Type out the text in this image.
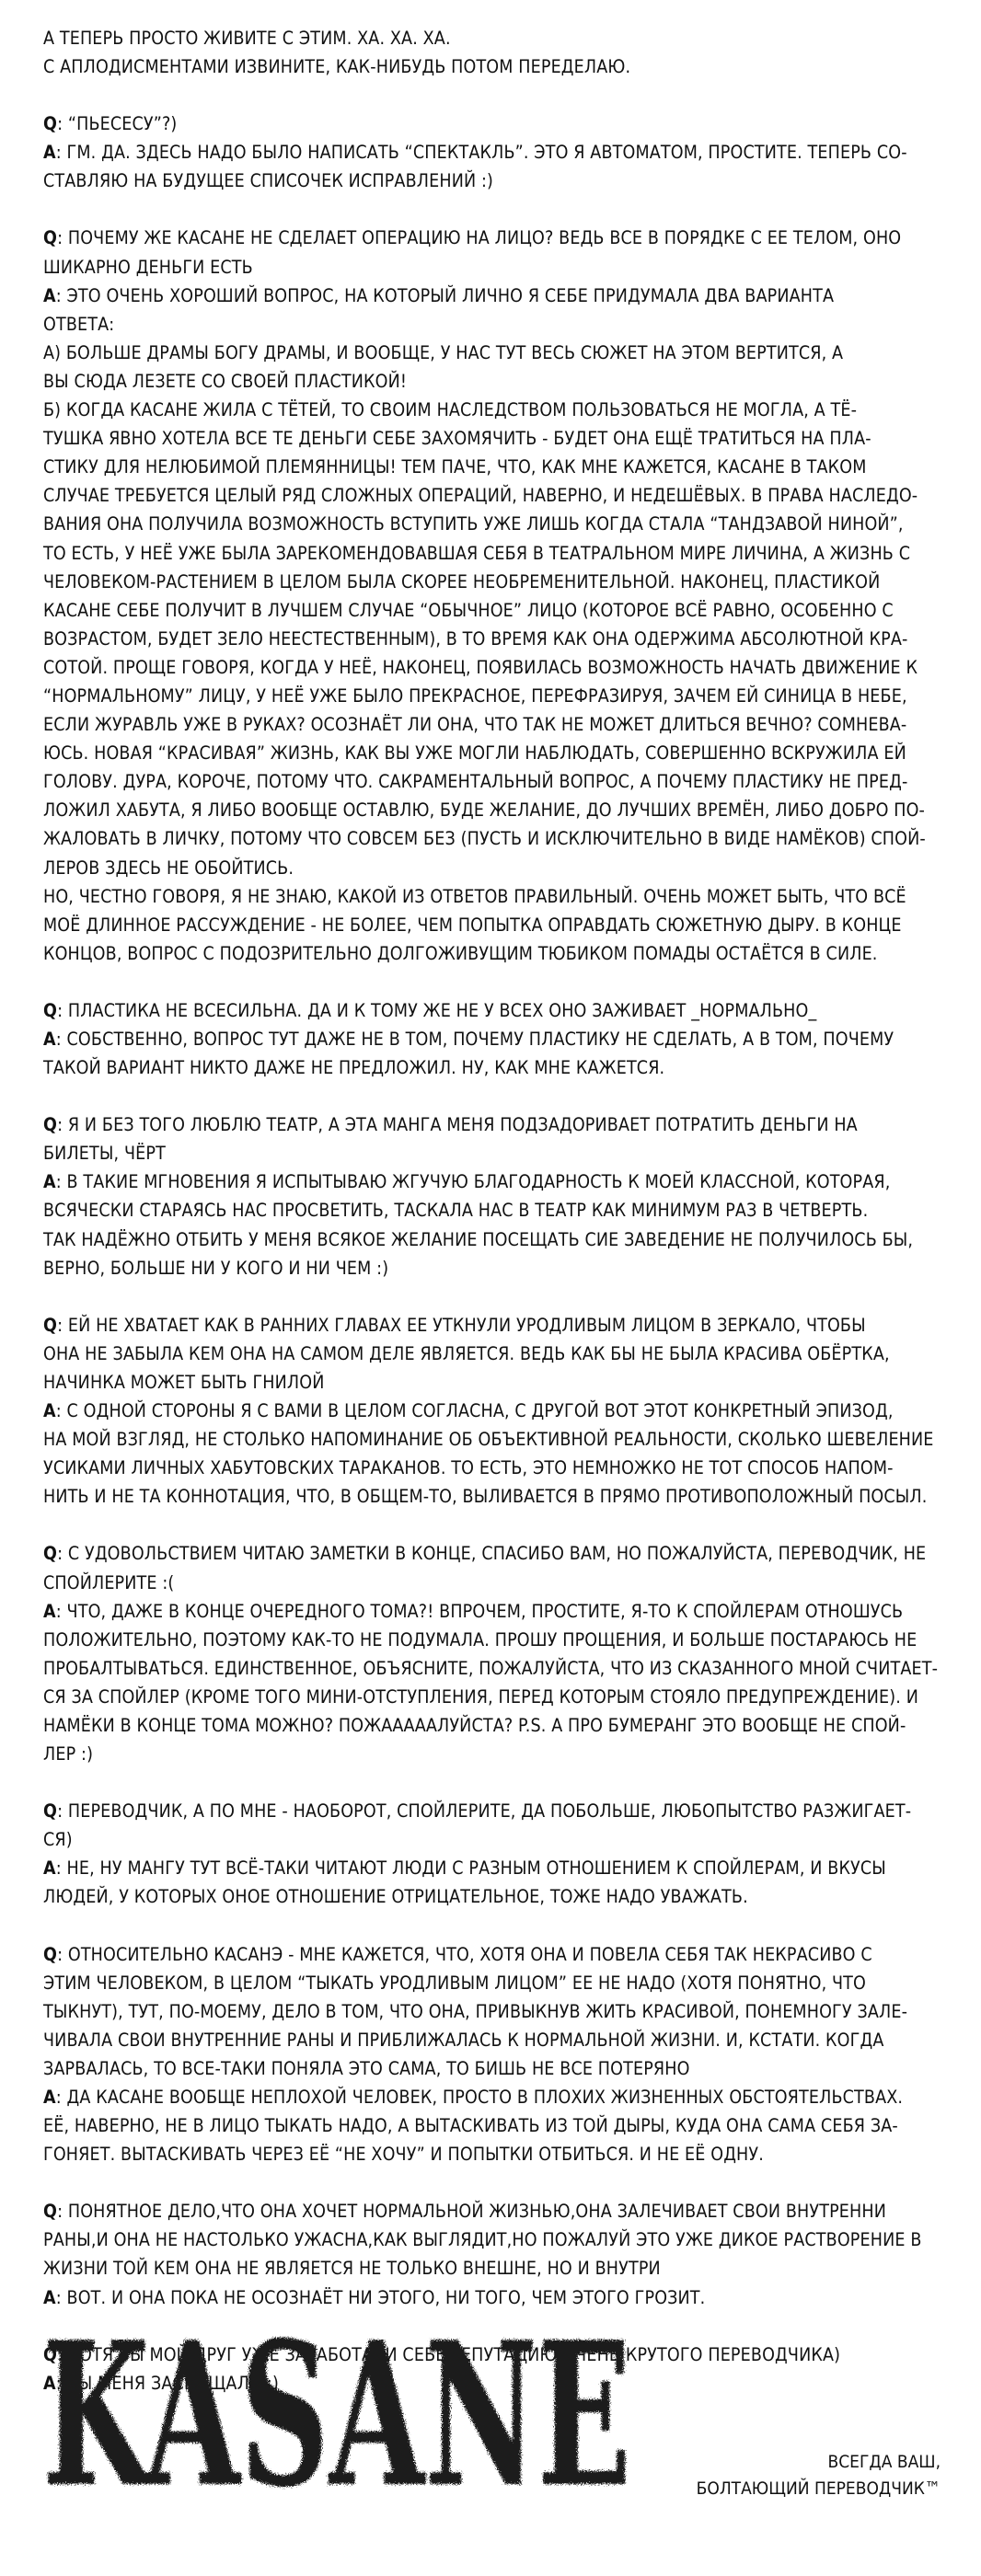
А ТЕПЕРЬ ПРОСТО ЖИВИТЕ С ЭТИМ. ХА. ХА. ХА.

С АПЛОДИСМЕНТАМИ ИЗВИНИТЕ, КАК-НИБУДЬ ПОТОМ ПЕРЕДЕЛАЮ.

Q: “ПЬЕСЕСУ”?)

A: ГМ. ДА. ЗДЕСЬ НАДО БЫЛО НАПИСАТЬ “СПЕКТАКЛЬ”. ЭТО Я АВТОМАТОМ, ПРОСТИТЕ. ТЕПЕРЬ СО-
СТАВЛЯЮ НА БУДУЩЕЕ СПИСОЧЕК ИСПРАВЛЕНИЙ :)

Q: ПОЧЕМУ ЖЕ КАСАНЕ НЕ СДЕЛАЕТ ОПЕРАЦИЮ НА ЛИЦО? ВЕДЬ ВСЕ В ПОРЯДКЕ С ЕЕ ТЕЛОМ, ОНО
ШИКАРНО ДЕНЬГИ ЕСТЬ

A: ЭТО ОЧЕНЬ ХОРОШИЙ ВОПРОС, НА КОТОРЫЙ ЛИЧНО Я СЕБЕ ПРИДУМАЛА ДВА ВАРИАНТА
ОТВЕТА:
А) БОЛЬШЕ ДРАМЫ БОГУ ДРАМЫ, И ВООБЩЕ, У НАС ТУТ ВЕСЬ СЮЖЕТ НА ЭТОМ ВЕРТИТСЯ, А
ВЫ СЮДА ЛЕЗЕТЕ СО СВОЕЙ ПЛАСТИКОЙ!
Б) КОГДА КАСАНЕ ЖИЛА С ТЁТЕЙ, ТО СВОИМ НАСЛЕДСТВОМ ПОЛЬЗОВАТЬСЯ НЕ МОГЛА, А ТЁ-
ТУШКА ЯВНО ХОТЕЛА ВСЕ ТЕ ДЕНЬГИ СЕБЕ ЗАХОМЯЧИТЬ - БУДЕТ ОНА ЕЩЁ ТРАТИТЬСЯ НА ПЛА-
СТИКУ ДЛЯ НЕЛЮБИМОЙ ПЛЕМЯННИЦЫ! ТЕМ ПАЧЕ, ЧТО, КАК МНЕ КАЖЕТСЯ, КАСАНЕ В ТАКОМ
СЛУЧАЕ ТРЕБУЕТСЯ ЦЕЛЫЙ РЯД СЛОЖНЫХ ОПЕРАЦИЙ, НАВЕРНО, И НЕДЕШЁВЫХ. В ПРАВА НАСЛЕДО-
ВАНИЯ ОНА ПОЛУЧИЛА ВОЗМОЖНОСТЬ ВСТУПИТЬ УЖЕ ЛИШЬ КОГДА СТАЛА “ТАНДЗАВОЙ НИНОЙ”,
ТО ЕСТЬ, У НЕЁ УЖЕ БЫЛА ЗАРЕКОМЕНДОВАВШАЯ СЕБЯ В ТЕАТРАЛЬНОМ МИРЕ ЛИЧИНА, А ЖИЗНЬ С
ЧЕЛОВЕКОМ-РАСТЕНИЕМ В ЦЕЛОМ БЫЛА СКОРЕЕ НЕОБРЕМЕНИТЕЛЬНОЙ. НАКОНЕЦ, ПЛАСТИКОЙ
КАСАНЕ СЕБЕ ПОЛУЧИТ В ЛУЧШЕМ СЛУЧАЕ “ОБЫЧНОЕ” ЛИЦО (КОТОРОЕ ВСЁ РАВНО, ОСОБЕННО С
ВОЗРАСТОМ, БУДЕТ ЗЕЛО НЕЕСТЕСТВЕННЫМ), В ТО ВРЕМЯ КАК ОНА ОДЕРЖИМА АБСОЛЮТНОЙ КРА-
СОТОЙ. ПРОЩЕ ГОВОРЯ, КОГДА У НЕЁ, НАКОНЕЦ, ПОЯВИЛАСЬ ВОЗМОЖНОСТЬ НАЧАТЬ ДВИЖЕНИЕ К
“НОРМАЛЬНОМУ” ЛИЦУ, У НЕЁ УЖЕ БЫЛО ПРЕКРАСНОЕ, ПЕРЕФРАЗИРУЯ, ЗАЧЕМ ЕЙ СИНИЦА В НЕБЕ,
ЕСЛИ ЖУРАВЛЬ УЖЕ В РУКАХ? ОСОЗНАЁТ ЛИ ОНА, ЧТО ТАК НЕ МОЖЕТ ДЛИТЬСЯ ВЕЧНО? СОМНЕВА-
ЮСЬ. НОВАЯ “КРАСИВАЯ” ЖИЗНЬ, КАК ВЫ УЖЕ МОГЛИ НАБЛЮДАТЬ, СОВЕРШЕННО ВСКРУЖИЛА ЕЙ
ГОЛОВУ. ДУРА, КОРОЧЕ, ПОТОМУ ЧТО. САКРАМЕНТАЛЬНЫЙ ВОПРОС, А ПОЧЕМУ ПЛАСТИКУ НЕ ПРЕД-
ЛОЖИЛ ХАБУТА, Я ЛИБО ВООБЩЕ ОСТАВЛЮ, БУДЕ ЖЕЛАНИЕ, ДО ЛУЧШИХ ВРЕМЁН, ЛИБО ДОБРО ПО-
ЖАЛОВАТЬ В ЛИЧКУ, ПОТОМУ ЧТО СОВСЕМ БЕЗ (ПУСТЬ И ИСКЛЮЧИТЕЛЬНО В ВИДЕ НАМЁКОВ) СПОЙ-
ЛЕРОВ ЗДЕСЬ НЕ ОБОЙТИСЬ.
НО, ЧЕСТНО ГОВОРЯ, Я НЕ ЗНАЮ, КАКОЙ ИЗ ОТВЕТОВ ПРАВИЛЬНЫЙ. ОЧЕНЬ МОЖЕТ БЫТЬ, ЧТО ВСЁ
МОЁ ДЛИННОЕ РАССУЖДЕНИЕ - НЕ БОЛЕЕ, ЧЕМ ПОПЫТКА ОПРАВДАТЬ СЮЖЕТНУЮ ДЫРУ. В КОНЦЕ
КОНЦОВ, ВОПРОС С ПОДОЗРИТЕЛЬНО ДОЛГОЖИВУЩИМ ТЮБИКОМ ПОМАДЫ ОСТАЁТСЯ В СИЛЕ.

Q: ПЛАСТИКА НЕ ВСЕСИЛЬНА. ДА И К ТОМУ ЖЕ НЕ У ВСЕХ ОНО ЗАЖИВАЕТ _НОРМАЛЬНО_

A: СОБСТВЕННО, ВОПРОС ТУТ ДАЖЕ НЕ В ТОМ, ПОЧЕМУ ПЛАСТИКУ НЕ СДЕЛАТЬ, А В ТОМ, ПОЧЕМУ
ТАКОЙ ВАРИАНТ НИКТО ДАЖЕ НЕ ПРЕДЛОЖИЛ. НУ, КАК МНЕ КАЖЕТСЯ.

Q: Я И БЕЗ ТОГО ЛЮБЛЮ ТЕАТР, А ЭТА МАНГА МЕНЯ ПОДЗАДОРИВАЕТ ПОТРАТИТЬ ДЕНЬГИ НА
БИЛЕТЫ, ЧЁРТ

A: В ТАКИЕ МГНОВЕНИЯ Я ИСПЫТЫВАЮ ЖГУЧУЮ БЛАГОДАРНОСТЬ К МОЕЙ КЛАССНОЙ, КОТОРАЯ,
ВСЯЧЕСКИ СТАРАЯСЬ НАС ПРОСВЕТИТЬ, ТАСКАЛА НАС В ТЕАТР КАК МИНИМУМ РАЗ В ЧЕТВЕРТЬ.
ТАК НАДЁЖНО ОТБИТЬ У МЕНЯ ВСЯКОЕ ЖЕЛАНИЕ ПОСЕЩАТЬ СИЕ ЗАВЕДЕНИЕ НЕ ПОЛУЧИЛОСЬ БЫ,
ВЕРНО, БОЛЬШЕ НИ У КОГО И НИ ЧЕМ :)

Q: ЕЙ НЕ ХВАТАЕТ КАК В РАННИХ ГЛАВАХ ЕЕ УТКНУЛИ УРОДЛИВЫМ ЛИЦОМ В ЗЕРКАЛО, ЧТОБЫ
ОНА НЕ ЗАБЫЛА КЕМ ОНА НА САМОМ ДЕЛЕ ЯВЛЯЕТСЯ. ВЕДЬ КАК БЫ НЕ БЫЛА КРАСИВА ОБЁРТКА,
НАЧИНКА МОЖЕТ БЫТЬ ГНИЛОЙ

A: С ОДНОЙ СТОРОНЫ Я С ВАМИ В ЦЕЛОМ СОГЛАСНА, С ДРУГОЙ ВОТ ЭТОТ КОНКРЕТНЫЙ ЭПИЗОД,
НА МОЙ ВЗГЛЯД, НЕ СТОЛЬКО НАПОМИНАНИЕ ОБ ОБЪЕКТИВНОЙ РЕАЛЬНОСТИ, СКОЛЬКО ШЕВЕЛЕНИЕ
УСИКАМИ ЛИЧНЫХ ХАБУТОВСКИХ ТАРАКАНОВ. ТО ЕСТЬ, ЭТО НЕМНОЖКО НЕ ТОТ СПОСОБ НАПОМ-
НИТЬ И НЕ ТА КОННОТАЦИЯ, ЧТО, В ОБЩЕМ-ТО, ВЫЛИВАЕТСЯ В ПРЯМО ПРОТИВОПОЛОЖНЫЙ ПОСЫЛ.

Q: С УДОВОЛЬСТВИЕМ ЧИТАЮ ЗАМЕТКИ В КОНЦЕ, СПАСИБО ВАМ, НО ПОЖАЛУЙСТА, ПЕРЕВОДЧИК, НЕ
СПОЙЛЕРИТЕ :(

A: ЧТО, ДАЖЕ В КОНЦЕ ОЧЕРЕДНОГО ТОМА?! ВПРОЧЕМ, ПРОСТИТЕ, Я-ТО К СПОЙЛЕРАМ ОТНОШУСЬ
ПОЛОЖИТЕЛЬНО, ПОЭТОМУ КАК-ТО НЕ ПОДУМАЛА. ПРОШУ ПРОЩЕНИЯ, И БОЛЬШЕ ПОСТАРАЮСЬ НЕ
ПРОБАЛТЫВАТЬСЯ. ЕДИНСТВЕННОЕ, ОБЪЯСНИТЕ, ПОЖАЛУЙСТА, ЧТО ИЗ СКАЗАННОГО МНОЙ СЧИТАЕТ-
СЯ ЗА СПОЙЛЕР (КРОМЕ ТОГО МИНИ-ОТСТУПЛЕНИЯ, ПЕРЕД КОТОРЫМ СТОЯЛО ПРЕДУПРЕЖДЕНИЕ). И
НАМЁКИ В КОНЦЕ ТОМА МОЖНО? ПОЖАААААЛУЙСТА? P.S. А ПРО БУМЕРАНГ ЭТО ВООБЩЕ НЕ СПОЙ-
ЛЕР :)

Q: ПЕРЕВОДЧИК, А ПО МНЕ - НАОБОРОТ, СПОЙЛЕРИТЕ, ДА ПОБОЛЬШЕ, ЛЮБОПЫТСТВО РАЗЖИГАЕТ-
СЯ)

A: НЕ, НУ МАНГУ ТУТ ВСЁ-ТАКИ ЧИТАЮТ ЛЮДИ С РАЗНЫМ ОТНОШЕНИЕМ К СПОЙЛЕРАМ, И ВКУСЫ
ЛЮДЕЙ, У КОТОРЫХ ОНОЕ ОТНОШЕНИЕ ОТРИЦАТЕЛЬНОЕ, ТОЖЕ НАДО УВАЖАТЬ.

Q: ОТНОСИТЕЛЬНО КАСАНЭ - МНЕ КАЖЕТСЯ, ЧТО, ХОТЯ ОНА И ПОВЕЛА СЕБЯ ТАК НЕКРАСИВО С
ЭТИМ ЧЕЛОВЕКОМ, В ЦЕЛОМ “ТЫКАТЬ УРОДЛИВЫМ ЛИЦОМ” ЕЕ НЕ НАДО (ХОТЯ ПОНЯТНО, ЧТО
ТЫКНУТ), ТУТ, ПО-МОЕМУ, ДЕЛО В ТОМ, ЧТО ОНА, ПРИВЫКНУВ ЖИТЬ КРАСИВОЙ, ПОНЕМНОГУ ЗАЛЕ-
ЧИВАЛА СВОИ ВНУТРЕННИЕ РАНЫ И ПРИБЛИЖАЛАСЬ К НОРМАЛЬНОЙ ЖИЗНИ. И, КСТАТИ. КОГДА
ЗАРВАЛАСЬ, ТО ВСЕ-ТАКИ ПОНЯЛА ЭТО САМА, ТО БИШЬ НЕ ВСЕ ПОТЕРЯНО

A: ДА КАСАНЕ ВООБЩЕ НЕПЛОХОЙ ЧЕЛОВЕК, ПРОСТО В ПЛОХИХ ЖИЗНЕННЫХ ОБСТОЯТЕЛЬСТВАХ.
ЕЁ, НАВЕРНО, НЕ В ЛИЦО ТЫКАТЬ НАДО, А ВЫТАСКИВАТЬ ИЗ ТОЙ ДЫРЫ, КУДА ОНА САМА СЕБЯ ЗА-
ГОНЯЕТ. ВЫТАСКИВАТЬ ЧЕРЕЗ ЕЁ “НЕ ХОЧУ” И ПОПЫТКИ ОТБИТЬСЯ. И НЕ ЕЁ ОДНУ.

Q: ПОНЯТНОЕ ДЕЛО,ЧТО ОНА ХОЧЕТ НОРМАЛЬНОЙ ЖИЗНЬЮ,ОНА ЗАЛЕЧИВАЕТ СВОИ ВНУТРЕННИ
РАНЫ,И ОНА НЕ НАСТОЛЬКО УЖАСНА,КАК ВЫГЛЯДИТ,НО ПОЖАЛУЙ ЭТО УЖЕ ДИКОЕ РАСТВОРЕНИЕ В
ЖИЗНИ ТОЙ КЕМ ОНА НЕ ЯВЛЯЕТСЯ НЕ ТОЛЬКО ВНЕШНЕ, НО И ВНУТРИ

A: ВОТ. И ОНА ПОКА НЕ ОСОЗНАЁТ НИ ЭТОГО, НИ ТОГО, ЧЕМ ЭТОГО ГРОЗИТ.

Q: ХОТЯ ВЫ МОЙ ДРУГ УЖЕ ЗАРАБОТАЛИ СЕБЕ РЕПУТАЦИЮ ОЧЕНЬ КРУТОГО ПЕРЕВОДЧИКА)

A: ВЫ МЕНЯ ЗАСМУЩАЛИ :)

KASANE	ВСЕГДА ВАШ,
БОЛТАЮЩИЙ ПЕРЕВОДЧИК™
